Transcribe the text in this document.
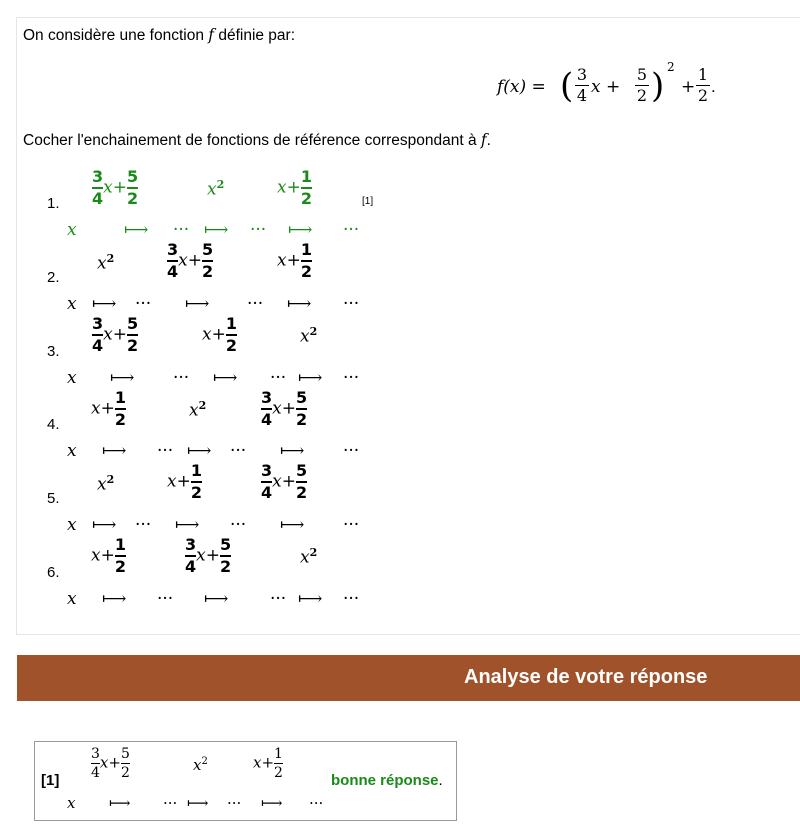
On considère une fonction f définie par:
f(x) = ( 3
4 x +
5
2 ) 2
+
1
2 .
Cocher l'enchainement de fonctions de référence correspondant à f.
1. $\frac{3}{4} x+ \frac{5}{2}$	$x^2$	$x+ \frac{1}{2}$	[1]
x	⟼ ··· ⟼ ··· ⟼ ···
2.
$x^2$	$\frac{3}{4} x+ \frac{5}{2}$	$x+ \frac{1}{2}$
x ⟼ ··· ⟼ ··· ⟼ ···
3. $\frac{3}{4} x+ \frac{5}{2}$	$x+ \frac{1}{2}$	$x^2$
x ⟼ ··· ⟼ ··· ⟼ ···
4.
$x+ \frac{1}{2}$	$x^2$	$\frac{3}{4} x+ \frac{5}{2}$
x ⟼ ··· ⟼ ··· ⟼ ···
5.
$x^2$	$x+ \frac{1}{2}$	$\frac{3}{4} x+ \frac{5}{2}$
x ⟼ ··· ⟼ ··· ⟼ ···
6.
$x+ \frac{1}{2}$	$\frac{3}{4} x+ \frac{5}{2}$	$x^2$
x ⟼ ··· ⟼ ··· ⟼ ···
Analyse de votre réponse
$[1] \frac{3}{4} x+ \frac{5}{2}$	$x^2$	$x+ \frac{1}{2}$
x ⟼ ··· ⟼ ··· ⟼ ···
bonne réponse.
